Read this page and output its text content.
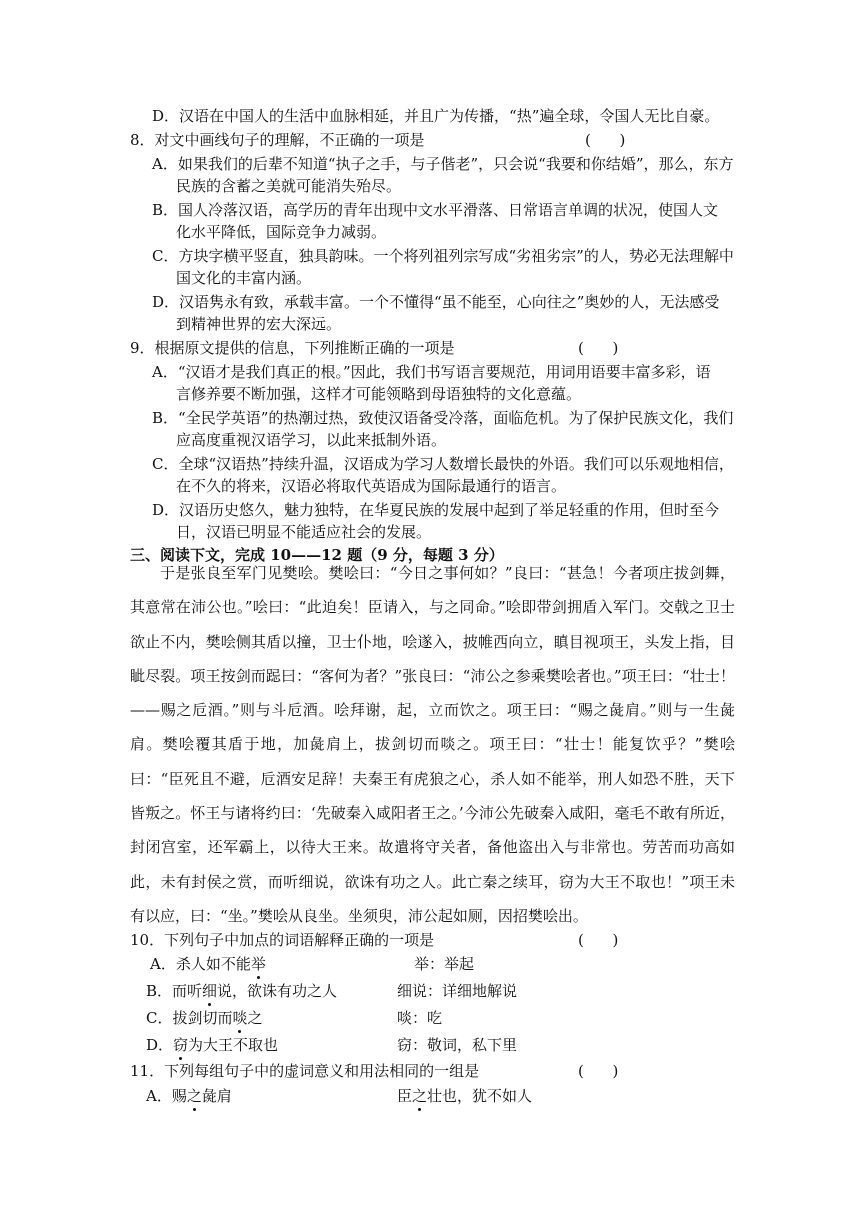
D．汉语在中国人的生活中血脉相延，并且广为传播，“热”遍全球，令国人无比自豪。
8．对文中画线句子的理解，不正确的一项是	(      )
A．如果我们的后辈不知道“执子之手，与子偕老”，只会说“我要和你结婚”，那么，东方
民族的含蓄之美就可能消失殆尽。
B．国人冷落汉语，高学历的青年出现中文水平滑落、日常语言单调的状况，使国人文
化水平降低，国际竞争力减弱。
C．方块字横平竖直，独具韵味。一个将列祖列宗写成“劣祖劣宗”的人，势必无法理解中
国文化的丰富内涵。
D．汉语隽永有致，承载丰富。一个不懂得“虽不能至，心向往之”奥妙的人，无法感受
到精神世界的宏大深远。
9．根据原文提供的信息，下列推断正确的一项是	(      )
A．“汉语才是我们真正的根。”因此，我们书写语言要规范，用词用语要丰富多彩，语
言修养要不断加强，这样才可能领略到母语独特的文化意蕴。
B．“全民学英语”的热潮过热，致使汉语备受冷落，面临危机。为了保护民族文化，我们
应高度重视汉语学习，以此来抵制外语。
C．全球“汉语热”持续升温，汉语成为学习人数增长最快的外语。我们可以乐观地相信，
在不久的将来，汉语必将取代英语成为国际最通行的语言。
D．汉语历史悠久，魅力独特，在华夏民族的发展中起到了举足轻重的作用，但时至今
日，汉语已明显不能适应社会的发展。
三、阅读下文，完成 10——12 题（9 分，每题 3 分）

于是张良至军门见樊哙。樊哙曰：“今日之事何如？”良曰：“甚急！今者项庄拔剑舞，其意常在沛公也。”哙曰：“此迫矣！臣请入，与之同命。”哙即带剑拥盾入军门。交戟之卫士欲止不内，樊哙侧其盾以撞，卫士仆地，哙遂入，披帷西向立，瞋目视项王，头发上指，目眦尽裂。项王按剑而跽曰：“客何为者？”张良曰：“沛公之参乘樊哙者也。”项王曰：“壮士！——赐之卮酒。”则与斗卮酒。哙拜谢，起，立而饮之。项王曰：“赐之彘肩。”则与一生彘肩。樊哙覆其盾于地，加彘肩上，拔剑切而啖之。项王曰：“壮士！能复饮乎？”樊哙曰：“臣死且不避，卮酒安足辞！夫秦王有虎狼之心，杀人如不能举，刑人如恐不胜，天下皆叛之。怀王与诸将约曰：‘先破秦入咸阳者王之。’今沛公先破秦入咸阳，毫毛不敢有所近，封闭宫室，还军霸上，以待大王来。故遣将守关者，备他盗出入与非常也。劳苦而功高如此，未有封侯之赏，而听细说，欲诛有功之人。此亡秦之续耳，窃为大王不取也！”项王未有以应，曰：“坐。”樊哙从良坐。坐须臾，沛公起如厕，因招樊哙出。

10．下列句子中加点的词语解释正确的一项是	(      )
A．杀人如不能举	举：举起
B．而听细说，欲诛有功之人	细说：详细地解说
C．拔剑切而啖之	啖：吃
D．窃为大王不取也	窃：敬词，私下里
11．下列每组句子中的虚词意义和用法相同的一组是	(      )
A．赐之彘肩	臣之壮也，犹不如人
